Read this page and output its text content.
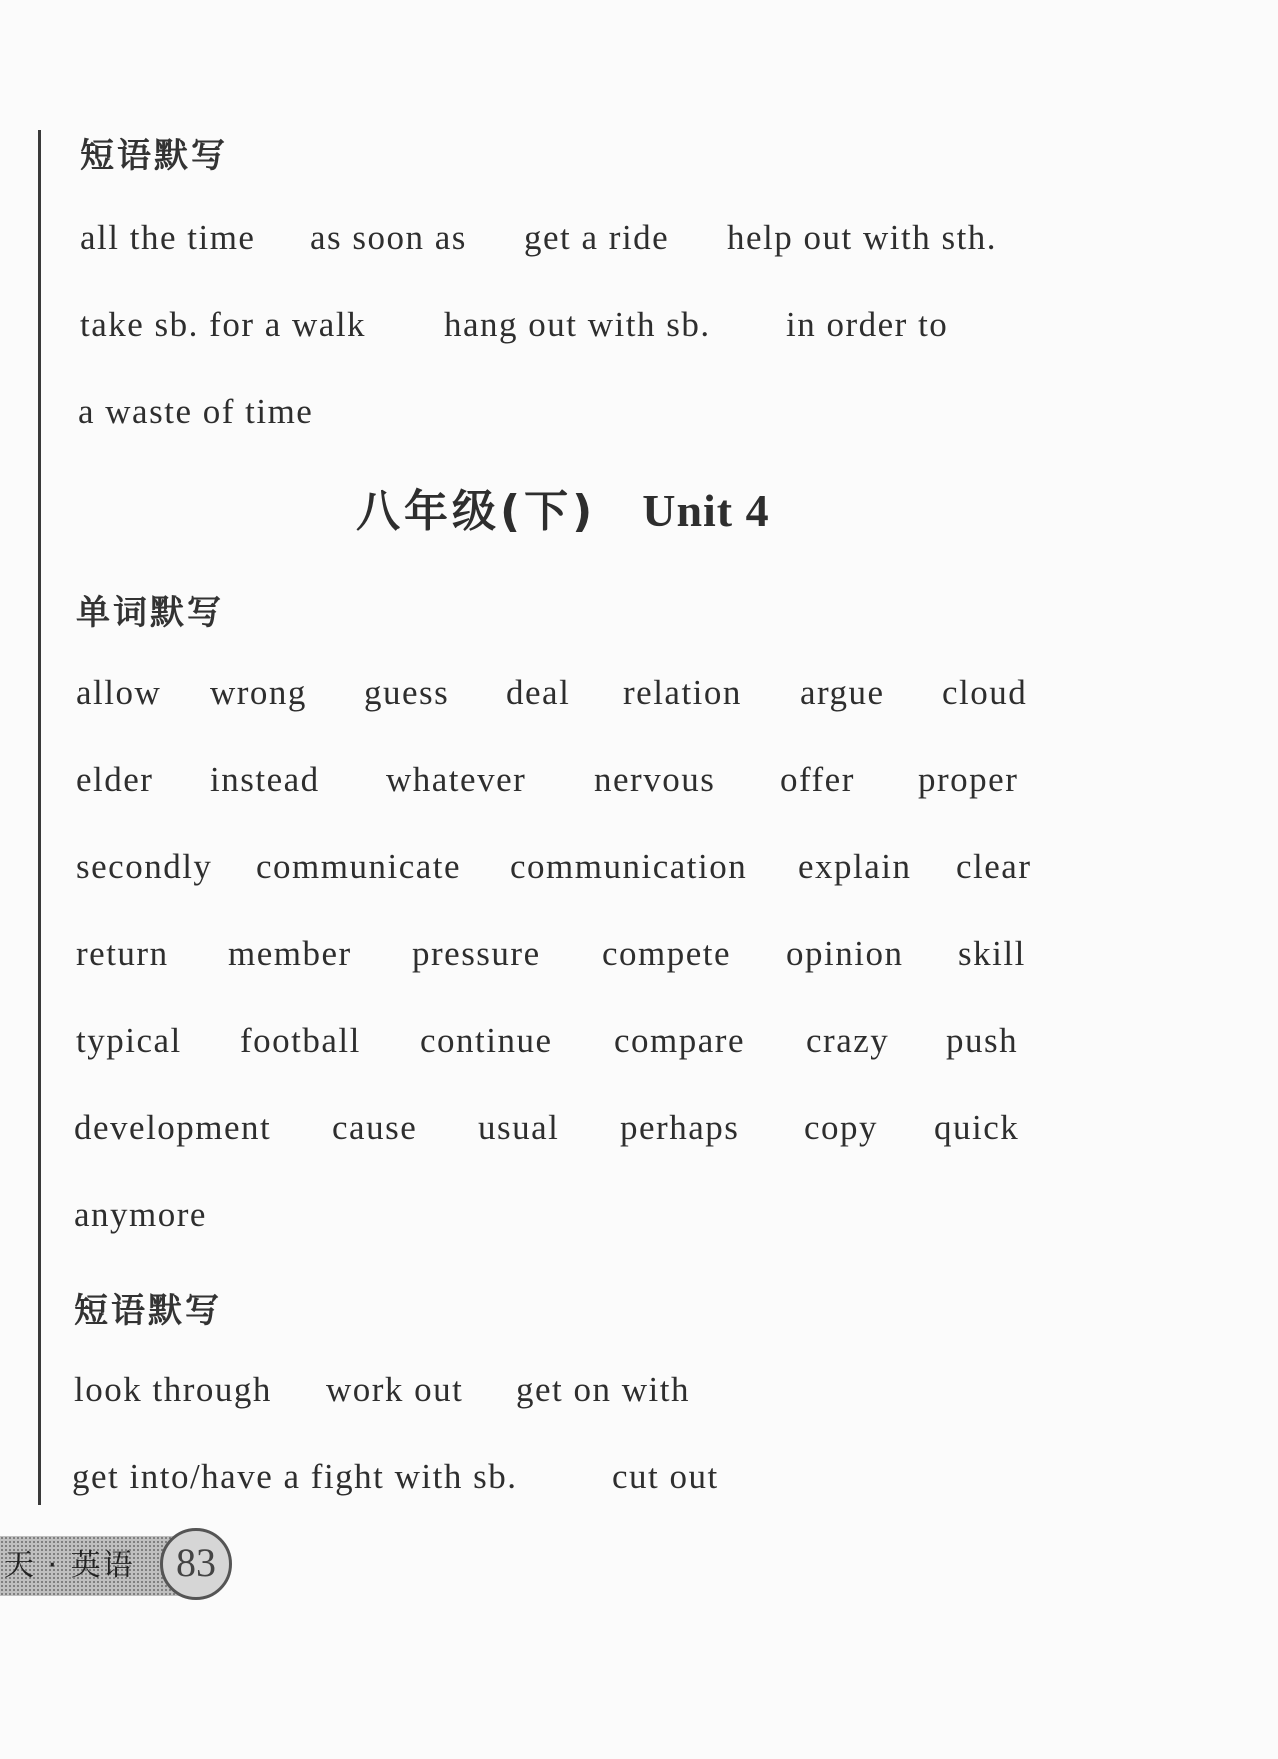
短语默写
all the time as soon as get a ride help out with sth.
take sb. for a walk hang out with sb. in order to
a waste of time
八年级(下) Unit 4
单词默写
allow wrong guess deal relation argue cloud
elder instead whatever nervous offer proper
secondly communicate communication explain clear
return member pressure compete opinion skill
typical football continue compare crazy push
development cause usual perhaps copy quick
anymore
短语默写
look through work out get on with
get into/have a fight with sb.	cut out
天 · 英语	83
